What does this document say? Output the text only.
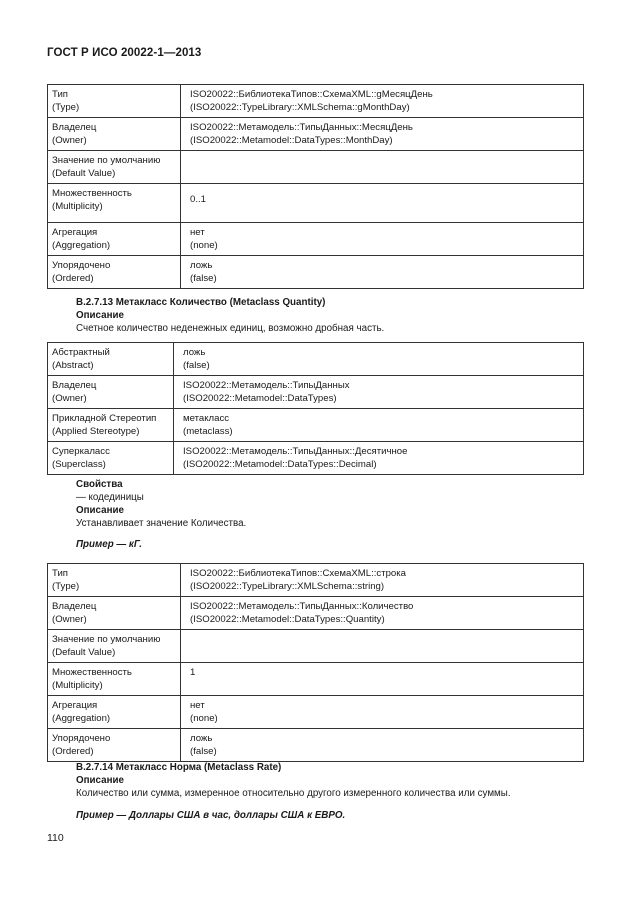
ГОСТ Р ИСО 20022-1—2013
Тип
(Type)	ISO20022::БиблиотекаТипов::СхемаXML::gМесяцДень
(ISO20022::TypeLibrary::XMLSchema::gMonthDay)

Владелец
(Owner)	ISO20022::Метамодель::ТипыДанных::МесяцДень
(ISO20022::Metamodel::DataTypes::MonthDay)

Значение по умолчанию
(Default Value)	

Множественность
(Multiplicity)	0..1

Агрегация
(Aggregation)	нет
(none)

Упорядочено
(Ordered)	ложь
(false)
В.2.7.13 Метакласс Количество (Metaclass Quantity)
Описание
Счетное количество неденежных единиц, возможно дробная часть.
Абстрактный
(Abstract)	ложь
(false)

Владелец
(Owner)	ISO20022::Метамодель::ТипыДанных
(ISO20022::Metamodel::DataTypes)

Прикладной Стереотип
(Applied Stereotype)	метакласс
(metaclass)

Суперкаласс
(Superclass)	ISO20022::Метамодель::ТипыДанных::Десятичное
(ISO20022::Metamodel::DataTypes::Decimal)
Свойства
— кодединицы
Описание
Устанавливает значение Количества.
Пример — кГ.
Тип
(Type)	ISO20022::БиблиотекаТипов::СхемаXML::строка
(ISO20022::TypeLibrary::XMLSchema::string)

Владелец
(Owner)	ISO20022::Метамодель::ТипыДанных::Количество
(ISO20022::Metamodel::DataTypes::Quantity)

Значение по умолчанию
(Default Value)	

Множественность
(Multiplicity)	1

Агрегация
(Aggregation)	нет
(none)

Упорядочено
(Ordered)	ложь
(false)
В.2.7.14 Метакласс Норма (Metaclass Rate)
Описание
Количество или сумма, измеренное относительно другого измеренного количества или суммы.
Пример — Доллары США в час, доллары США к ЕВРО.
110
